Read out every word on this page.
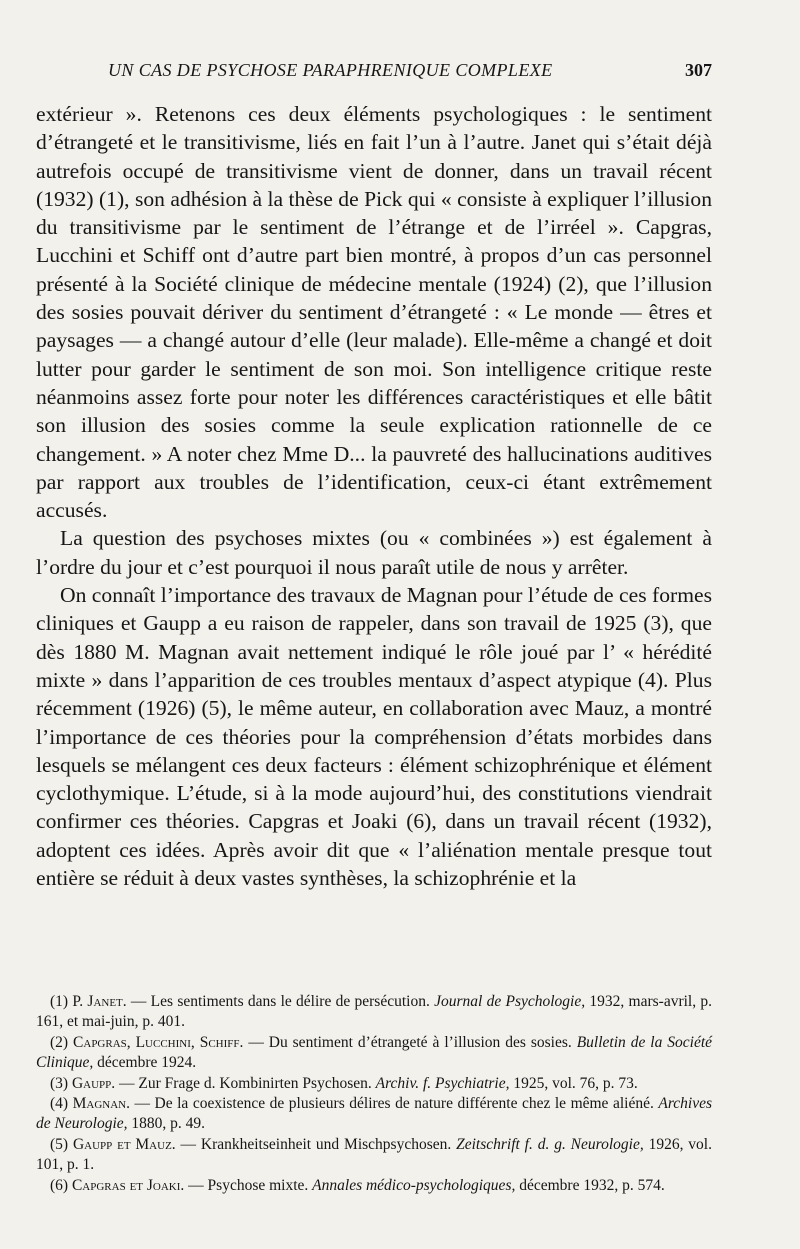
UN CAS DE PSYCHOSE PARAPHRENIQUE COMPLEXE	307

extérieur ». Retenons ces deux éléments psychologiques : le sentiment d’étrangeté et le transitivisme, liés en fait l’un à l’autre. Janet qui s’était déjà autrefois occupé de transitivisme vient de donner, dans un travail récent (1932) (1), son adhésion à la thèse de Pick qui « consiste à expliquer l’illusion du transitivisme par le sentiment de l’étrange et de l’irréel ». Capgras, Lucchini et Schiff ont d’autre part bien montré, à propos d’un cas personnel présenté à la Société clinique de médecine mentale (1924) (2), que l’illusion des sosies pouvait dériver du sentiment d’étrangeté : « Le monde — êtres et paysages — a changé autour d’elle (leur malade). Elle-même a changé et doit lutter pour garder le sentiment de son moi. Son intelligence critique reste néanmoins assez forte pour noter les différences caractéristiques et elle bâtit son illusion des sosies comme la seule explication rationnelle de ce changement. » A noter chez Mme D... la pauvreté des hallucinations auditives par rapport aux troubles de l’identification, ceux-ci étant extrêmement accusés.

La question des psychoses mixtes (ou « combinées ») est également à l’ordre du jour et c’est pourquoi il nous paraît utile de nous y arrêter.

On connaît l’importance des travaux de Magnan pour l’étude de ces formes cliniques et Gaupp a eu raison de rappeler, dans son travail de 1925 (3), que dès 1880 M. Magnan avait nettement indiqué le rôle joué par l’ « hérédité mixte » dans l’apparition de ces troubles mentaux d’aspect atypique (4). Plus récemment (1926) (5), le même auteur, en collaboration avec Mauz, a montré l’importance de ces théories pour la compréhension d’états morbides dans lesquels se mélangent ces deux facteurs : élément schizophrénique et élément cyclothymique. L’étude, si à la mode aujourd’hui, des constitutions viendrait confirmer ces théories. Capgras et Joaki (6), dans un travail récent (1932), adoptent ces idées. Après avoir dit que « l’aliénation mentale presque tout entière se réduit à deux vastes synthèses, la schizophrénie et la

(1) P. Janet. — Les sentiments dans le délire de persécution. Journal de Psychologie, 1932, mars-avril, p. 161, et mai-juin, p. 401.

(2) Capgras, Lucchini, Schiff. — Du sentiment d’étrangeté à l’illusion des sosies. Bulletin de la Société Clinique, décembre 1924.

(3) Gaupp. — Zur Frage d. Kombinirten Psychosen. Archiv. f. Psychiatrie, 1925, vol. 76, p. 73.

(4) Magnan. — De la coexistence de plusieurs délires de nature différente chez le même aliéné. Archives de Neurologie, 1880, p. 49.

(5) Gaupp et Mauz. — Krankheitseinheit und Mischpsychosen. Zeitschrift f. d. g. Neurologie, 1926, vol. 101, p. 1.

(6) Capgras et Joaki. — Psychose mixte. Annales médico-psychologiques, décembre 1932, p. 574.
